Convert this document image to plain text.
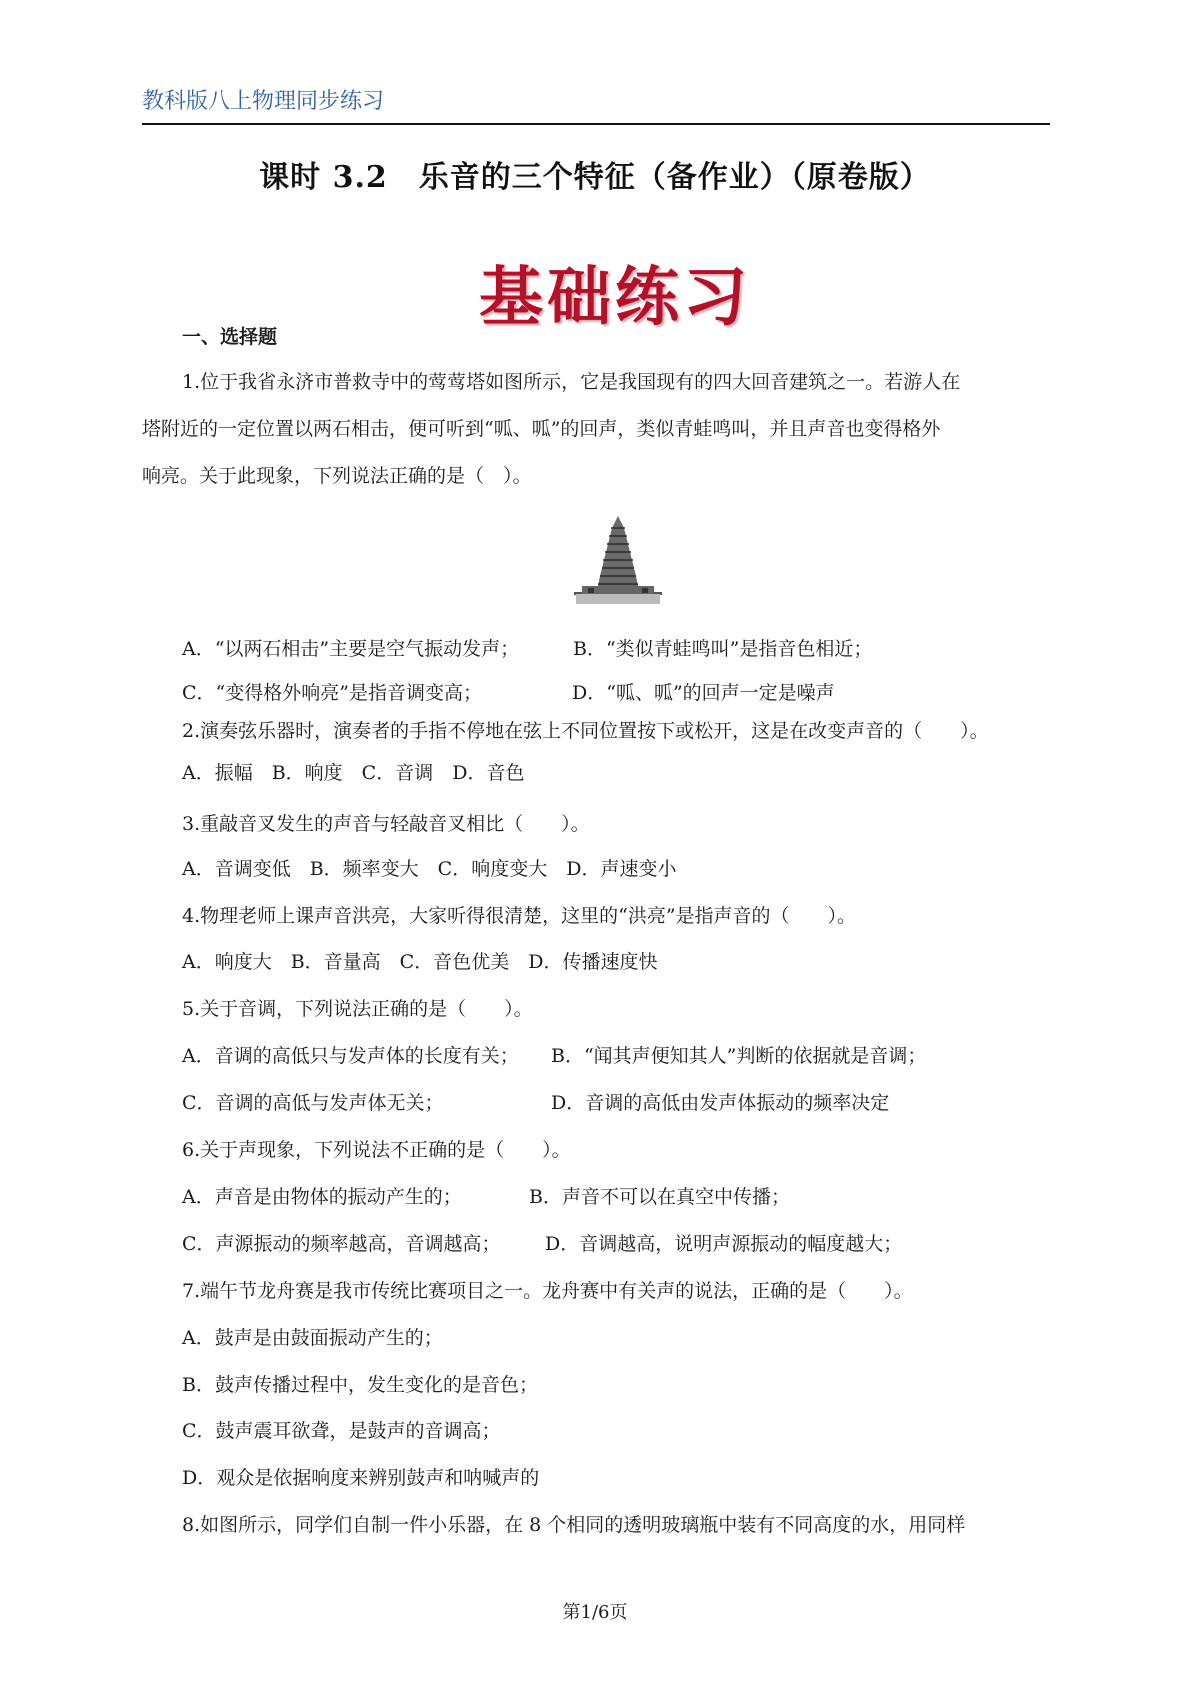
教科版八上物理同步练习
课时 3.2　乐音的三个特征（备作业）（原卷版）
基础练习
一、选择题
1.位于我省永济市普救寺中的莺莺塔如图所示，它是我国现有的四大回音建筑之一。若游人在
塔附近的一定位置以两石相击，便可听到“呱、呱”的回声，类似青蛙鸣叫，并且声音也变得格外
响亮。关于此现象，下列说法正确的是（　）。
A．“以两石相击”主要是空气振动发声；	B．“类似青蛙鸣叫”是指音色相近；
C．“变得格外响亮”是指音调变高；	D．“呱、呱”的回声一定是噪声
2.演奏弦乐器时，演奏者的手指不停地在弦上不同位置按下或松开，这是在改变声音的（　　）。
A．振幅　B．响度　C．音调　D．音色
3.重敲音叉发生的声音与轻敲音叉相比（　　）。
A．音调变低　B．频率变大　C．响度变大　D．声速变小
4.物理老师上课声音洪亮，大家听得很清楚，这里的“洪亮”是指声音的（　　）。
A．响度大　B．音量高　C．音色优美　D．传播速度快
5.关于音调，下列说法正确的是（　　）。
A．音调的高低只与发声体的长度有关； B．“闻其声便知其人”判断的依据就是音调；
C．音调的高低与发声体无关；	D．音调的高低由发声体振动的频率决定
6.关于声现象，下列说法不正确的是（　　）。
A．声音是由物体的振动产生的；	B．声音不可以在真空中传播；
C．声源振动的频率越高，音调越高； D．音调越高，说明声源振动的幅度越大；
7.端午节龙舟赛是我市传统比赛项目之一。龙舟赛中有关声的说法，正确的是（　　）。
A．鼓声是由鼓面振动产生的；
B．鼓声传播过程中，发生变化的是音色；
C．鼓声震耳欲聋，是鼓声的音调高；
D．观众是依据响度来辨别鼓声和呐喊声的
8.如图所示，同学们自制一件小乐器，在 8 个相同的透明玻璃瓶中装有不同高度的水，用同样
第1/6页
